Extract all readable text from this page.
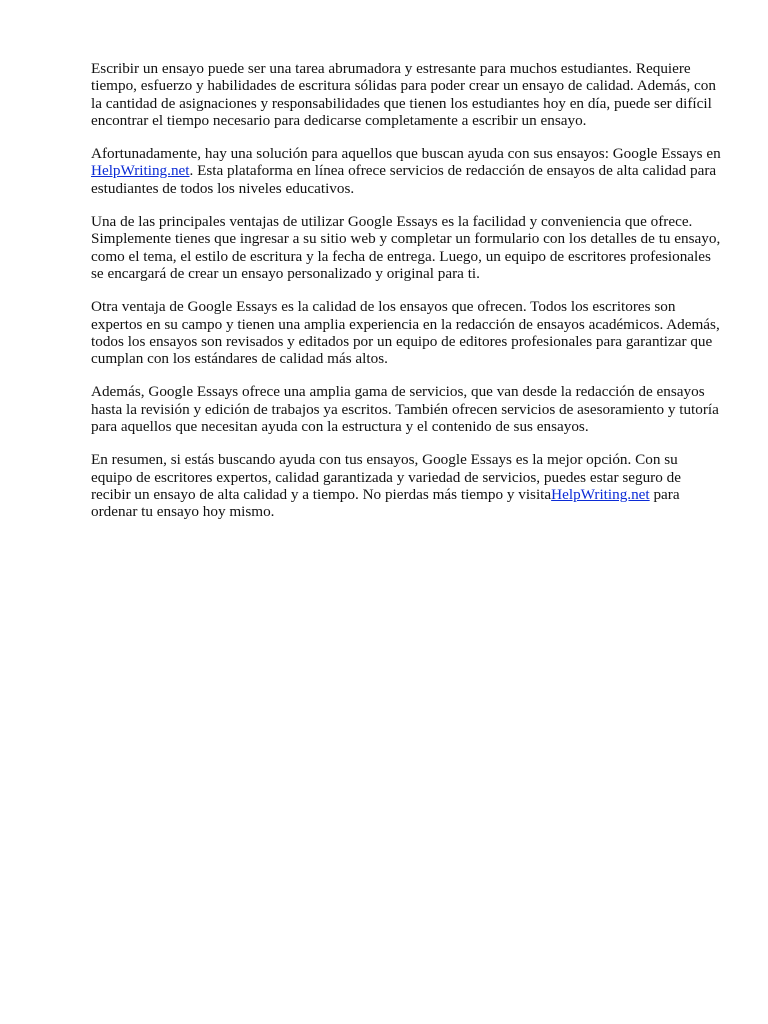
Escribir un ensayo puede ser una tarea abrumadora y estresante para muchos estudiantes. Requiere tiempo, esfuerzo y habilidades de escritura sólidas para poder crear un ensayo de calidad. Además, con la cantidad de asignaciones y responsabilidades que tienen los estudiantes hoy en día, puede ser difícil encontrar el tiempo necesario para dedicarse completamente a escribir un ensayo.

Afortunadamente, hay una solución para aquellos que buscan ayuda con sus ensayos: Google Essays en HelpWriting.net. Esta plataforma en línea ofrece servicios de redacción de ensayos de alta calidad para estudiantes de todos los niveles educativos.

Una de las principales ventajas de utilizar Google Essays es la facilidad y conveniencia que ofrece. Simplemente tienes que ingresar a su sitio web y completar un formulario con los detalles de tu ensayo, como el tema, el estilo de escritura y la fecha de entrega. Luego, un equipo de escritores profesionales se encargará de crear un ensayo personalizado y original para ti.

Otra ventaja de Google Essays es la calidad de los ensayos que ofrecen. Todos los escritores son expertos en su campo y tienen una amplia experiencia en la redacción de ensayos académicos. Además, todos los ensayos son revisados y editados por un equipo de editores profesionales para garantizar que cumplan con los estándares de calidad más altos.

Además, Google Essays ofrece una amplia gama de servicios, que van desde la redacción de ensayos hasta la revisión y edición de trabajos ya escritos. También ofrecen servicios de asesoramiento y tutoría para aquellos que necesitan ayuda con la estructura y el contenido de sus ensayos.

En resumen, si estás buscando ayuda con tus ensayos, Google Essays es la mejor opción. Con su equipo de escritores expertos, calidad garantizada y variedad de servicios, puedes estar seguro de recibir un ensayo de alta calidad y a tiempo. No pierdas más tiempo y visitaHelpWriting.net para ordenar tu ensayo hoy mismo.
